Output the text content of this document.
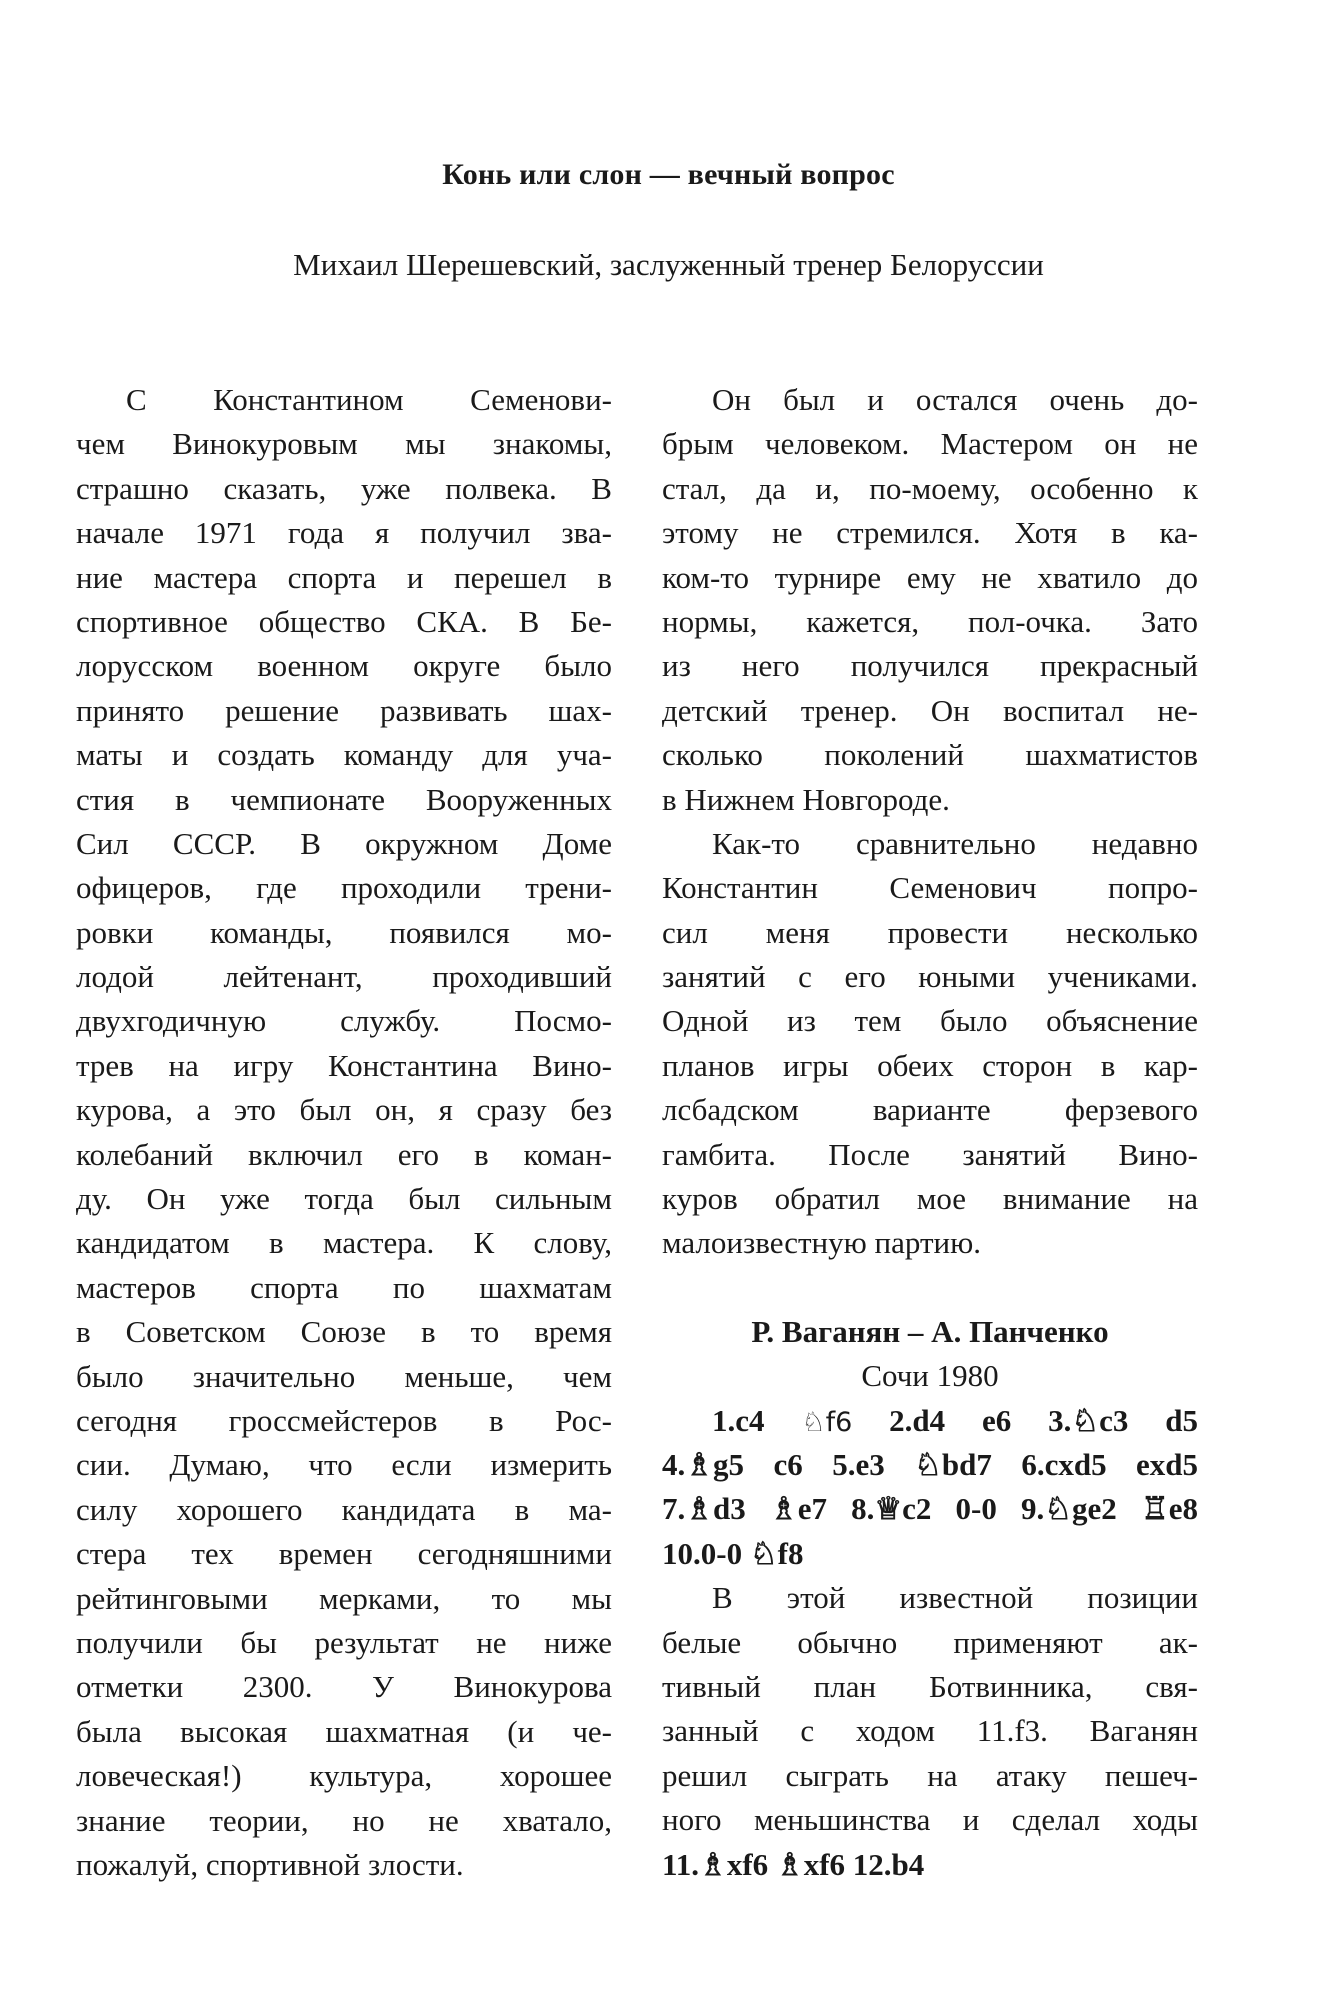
Конь или слон — вечный вопрос
Михаил Шерешевский, заслуженный тренер Белоруссии
С Константином Семенови-
чем Винокуровым мы знакомы,
страшно сказать, уже полвека. В
начале 1971 года я получил зва-
ние мастера спорта и перешел в
спортивное общество СКА. В Бе-
лорусском военном округе было
принято решение развивать шах-
маты и создать команду для уча-
стия в чемпионате Вооруженных
Сил СССР. В окружном Доме
офицеров, где проходили трени-
ровки команды, появился мо-
лодой лейтенант, проходивший
двухгодичную службу. Посмо-
трев на игру Константина Вино-
курова, а это был он, я сразу без
колебаний включил его в коман-
ду. Он уже тогда был сильным
кандидатом в мастера. К слову,
мастеров спорта по шахматам
в Советском Союзе в то время
было значительно меньше, чем
сегодня гроссмейстеров в Рос-
сии. Думаю, что если измерить
силу хорошего кандидата в ма-
стера тех времен сегодняшними
рейтинговыми мерками, то мы
получили бы результат не ниже
отметки 2300. У Винокурова
была высокая шахматная (и че-
ловеческая!) культура, хорошее
знание теории, но не хватало,
пожалуй, спортивной злости.
Он был и остался очень до-
брым человеком. Мастером он не
стал, да и, по-моему, особенно к
этому не стремился. Хотя в ка-
ком-то турнире ему не хватило до
нормы, кажется, пол-очка. Зато
из него получился прекрасный
детский тренер. Он воспитал не-
сколько поколений шахматистов
в Нижнем Новгороде.
Как-то сравнительно недавно
Константин Семенович попро-
сил меня провести несколько
занятий с его юными учениками.
Одной из тем было объяснение
планов игры обеих сторон в кар-
лсбадском варианте ферзевого
гамбита. После занятий Вино-
куров обратил мое внимание на
малоизвестную партию.
Р. Ваганян – А. Панченко
Сочи 1980
1.c4 ♘f6 2.d4 e6 3.♘c3 d5
4.♗g5 c6 5.e3 ♘bd7 6.cxd5 exd5
7.♗d3 ♗e7 8.♕c2 0-0 9.♘ge2 ♖e8
10.0-0 ♘f8
В этой известной позиции
белые обычно применяют ак-
тивный план Ботвинника, свя-
занный с ходом 11.f3. Ваганян
решил сыграть на атаку пешеч-
ного меньшинства и сделал ходы
11.♗xf6 ♗xf6 12.b4
